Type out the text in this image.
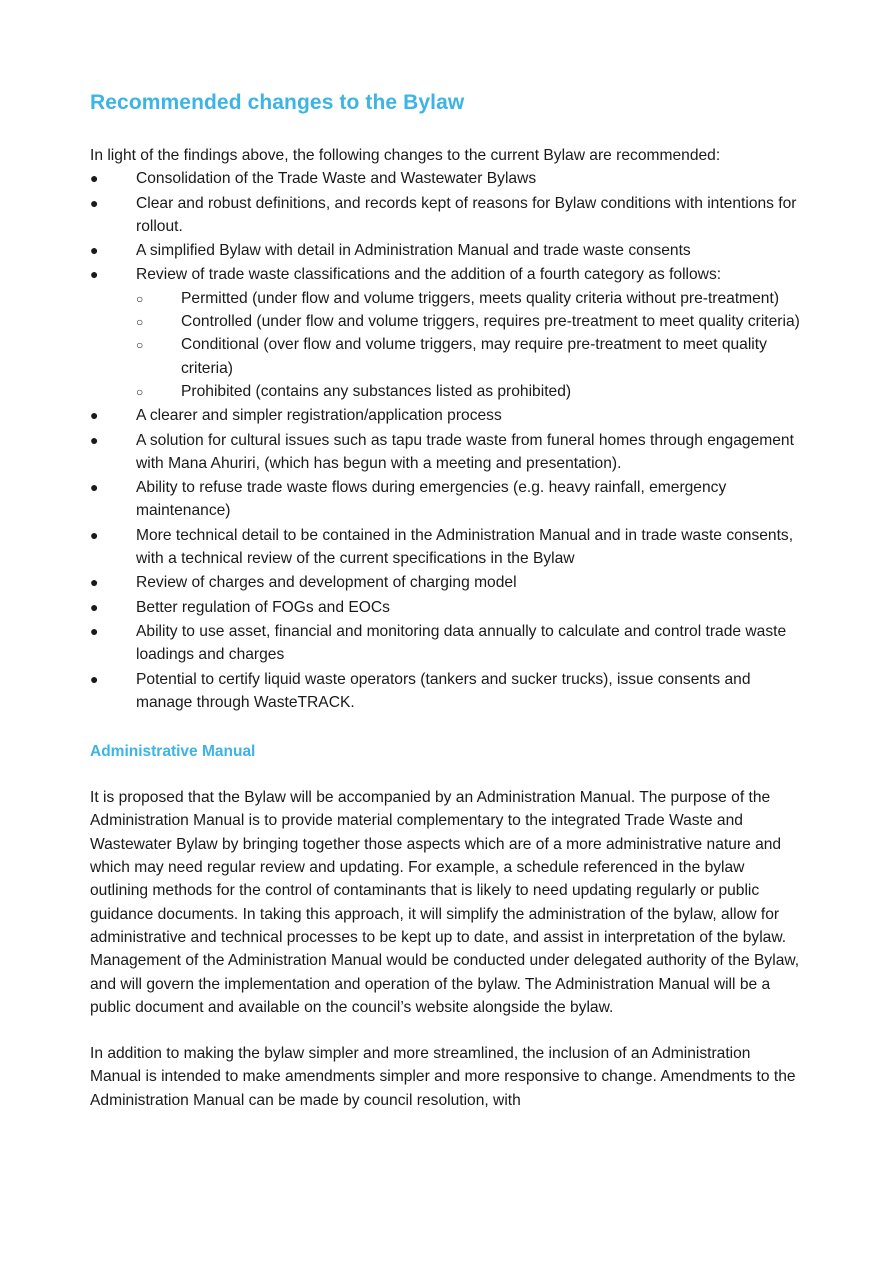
Recommended changes to the Bylaw

In light of the findings above, the following changes to the current Bylaw are recommended:

● Consolidation of the Trade Waste and Wastewater Bylaws
● Clear and robust definitions, and records kept of reasons for Bylaw conditions with intentions for rollout.
● A simplified Bylaw with detail in Administration Manual and trade waste consents
● Review of trade waste classifications and the addition of a fourth category as follows:
○ Permitted (under flow and volume triggers, meets quality criteria without pre-treatment)
○ Controlled (under flow and volume triggers, requires pre-treatment to meet quality criteria)
○ Conditional (over flow and volume triggers, may require pre-treatment to meet quality criteria)
○ Prohibited (contains any substances listed as prohibited)
● A clearer and simpler registration/application process
● A solution for cultural issues such as tapu trade waste from funeral homes through engagement with Mana Ahuriri, (which has begun with a meeting and presentation).
● Ability to refuse trade waste flows during emergencies (e.g. heavy rainfall, emergency maintenance)
● More technical detail to be contained in the Administration Manual and in trade waste consents, with a technical review of the current specifications in the Bylaw
● Review of charges and development of charging model
● Better regulation of FOGs and EOCs
● Ability to use asset, financial and monitoring data annually to calculate and control trade waste loadings and charges
● Potential to certify liquid waste operators (tankers and sucker trucks), issue consents and manage through WasteTRACK.
Administrative Manual

It is proposed that the Bylaw will be accompanied by an Administration Manual. The purpose of the Administration Manual is to provide material complementary to the integrated Trade Waste and Wastewater Bylaw by bringing together those aspects which are of a more administrative nature and which may need regular review and updating. For example, a schedule referenced in the bylaw outlining methods for the control of contaminants that is likely to need updating regularly or public guidance documents. In taking this approach, it will simplify the administration of the bylaw, allow for administrative and technical processes to be kept up to date, and assist in interpretation of the bylaw.

Management of the Administration Manual would be conducted under delegated authority of the Bylaw, and will govern the implementation and operation of the bylaw. The Administration Manual will be a public document and available on the council’s website alongside the bylaw.

In addition to making the bylaw simpler and more streamlined, the inclusion of an Administration Manual is intended to make amendments simpler and more responsive to change. Amendments to the Administration Manual can be made by council resolution, with
